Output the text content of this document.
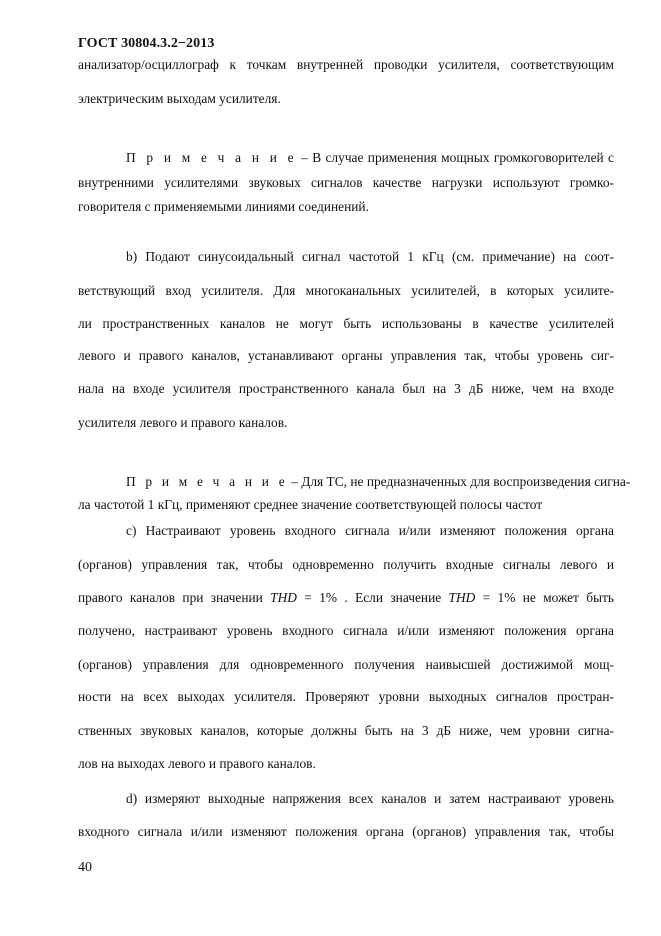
ГОСТ 30804.3.2−2013
анализатор/осциллограф к точкам внутренней проводки усилителя, соответствующим
электрическим выходам усилителя.
П р и м е ч а н и е – В случае применения мощных громкоговорителей с
внутренними усилителями звуковых сигналов качестве нагрузки используют громко-
говорителя с применяемыми линиями соединений.
b) Подают синусоидальный сигнал частотой 1 кГц (см. примечание) на соот-
ветствующий вход усилителя. Для многоканальных усилителей, в которых усилите-
ли пространственных каналов не могут быть использованы в качестве усилителей
левого и правого каналов, устанавливают органы управления так, чтобы уровень сиг-
нала на входе усилителя пространственного канала был на 3 дБ ниже, чем на входе
усилителя левого и правого каналов.
П р и м е ч а н и е – Для ТС, не предназначенных для воспроизведения сигна-
ла частотой 1 кГц, применяют среднее значение соответствующей полосы частот
c) Настраивают уровень входного сигнала и/или изменяют положения органа
(органов) управления так, чтобы одновременно получить входные сигналы левого и
правого каналов при значении THD = 1% . Если значение THD = 1% не может быть
получено, настраивают уровень входного сигнала и/или изменяют положения органа
(органов) управления для одновременного получения наивысшей достижимой мощ-
ности на всех выходах усилителя. Проверяют уровни выходных сигналов простран-
ственных звуковых каналов, которые должны быть на 3 дБ ниже, чем уровни сигна-
лов на выходах левого и правого каналов.
d) измеряют выходные напряжения всех каналов и затем настраивают уровень
входного сигнала и/или изменяют положения органа (органов) управления так, чтобы
40
